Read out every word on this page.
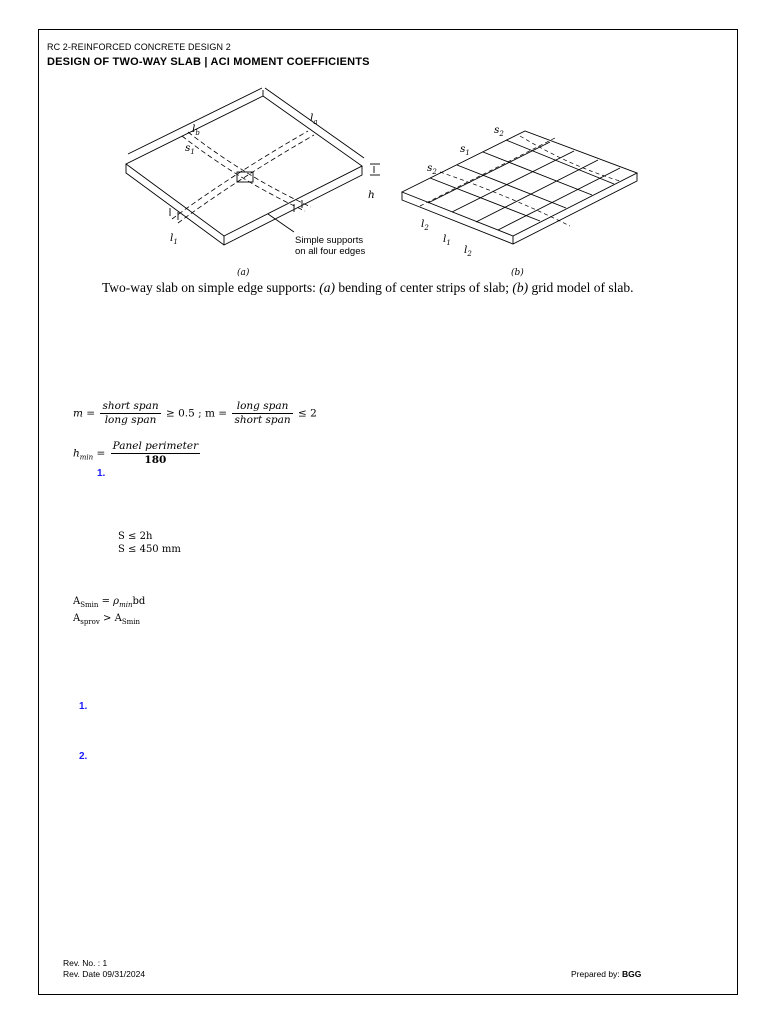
RC 2-REINFORCED CONCRETE DESIGN 2
DESIGN OF TWO-WAY SLAB | ACI MOMENT COEFFICIENTS
$l_b$
$l_a$
$s_1$
h
$l_1$	Simple supports
on all four edges
(a)
$s_2$
$s_1$
$s_2$
$l_2$
$l_1$
$l_2$
(b)
Two-way slab on simple edge supports: (a) bending of center strips of slab; (b) grid model of slab.
$m = \frac{\text{short span}}{\text{long span}} \ge 0.5$ ; $m = \frac{\text{long span}}{\text{short span}} \le 2$
$h_{min} = \frac{\text{Panel perimeter}}{180}$
1.
S ≤ 2h
S ≤ 450 mm
$A_{Smin} = \rho_{min}bd$
$A_{sprov} > A_{Smin}$
1.
2.
Rev. No. : 1
Rev. Date 09/31/2024	Prepared by: BGG
